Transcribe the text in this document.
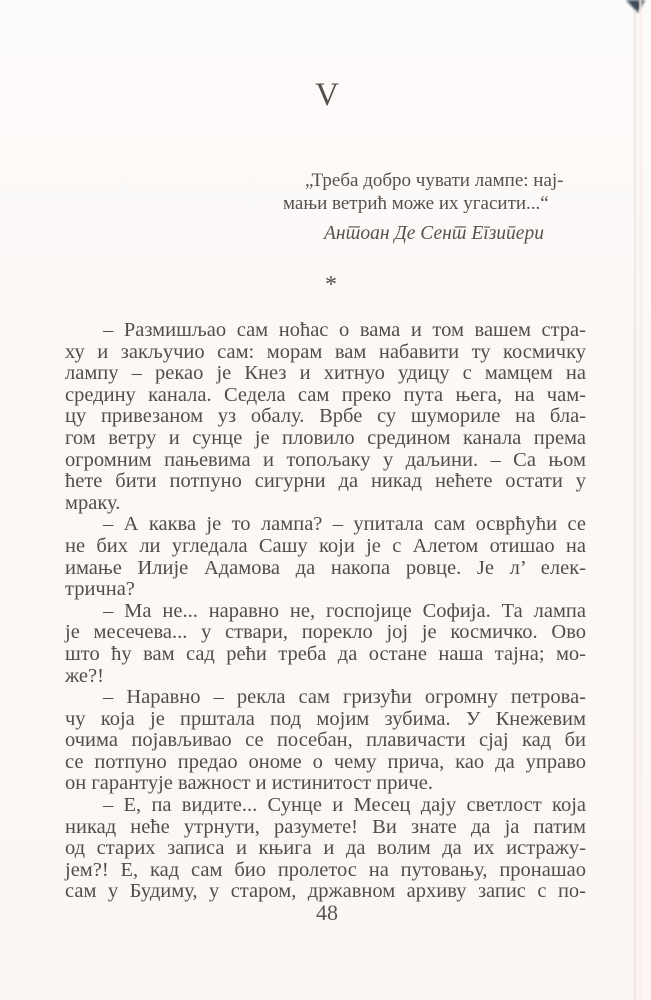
V
„Треба добро чувати лампе: нај-
мањи ветрић може их угасити...“
Антоан Де Сент Егзипери
*
– Размишљао сам ноћас о вама и том вашем стра-
ху и закључио сам: морам вам набавити ту космичку
лампу – рекао је Кнез и хитнуо удицу с мамцем на
средину канала. Седела сам преко пута њега, на чам-
цу привезаном уз обалу. Врбе су шумориле на бла-
гом ветру и сунце је пловило средином канала према
огромним пањевима и топољаку у даљини. – Са њом
ћете бити потпуно сигурни да никад нећете остати у
мраку.
– А каква је то лампа? – упитала сам осврћући се
не бих ли угледала Сашу који је с Алетом отишао на
имање Илије Адамова да накопа ровце. Је л’ елек-
трична?
– Ма не... наравно не, госпојице Софија. Та лампа
је месечева... у ствари, порекло јој је космичко. Ово
што ћу вам сад рећи треба да остане наша тајна; мо-
же?!
– Наравно – рекла сам гризући огромну петрова-
чу која је прштала под мојим зубима. У Кнежевим
очима појављивао се посебан, плавичасти сјај кад би
се потпуно предао ономе о чему прича, као да управо
он гарантује важност и истинитост приче.
– Е, па видите... Сунце и Месец дају светлост која
никад неће утрнути, разумете! Ви знате да ја патим
од старих записа и књига и да волим да их истражу-
јем?! Е, кад сам био пролетос на путовању, пронашао
сам у Будиму, у старом, државном архиву запис с по-
48
